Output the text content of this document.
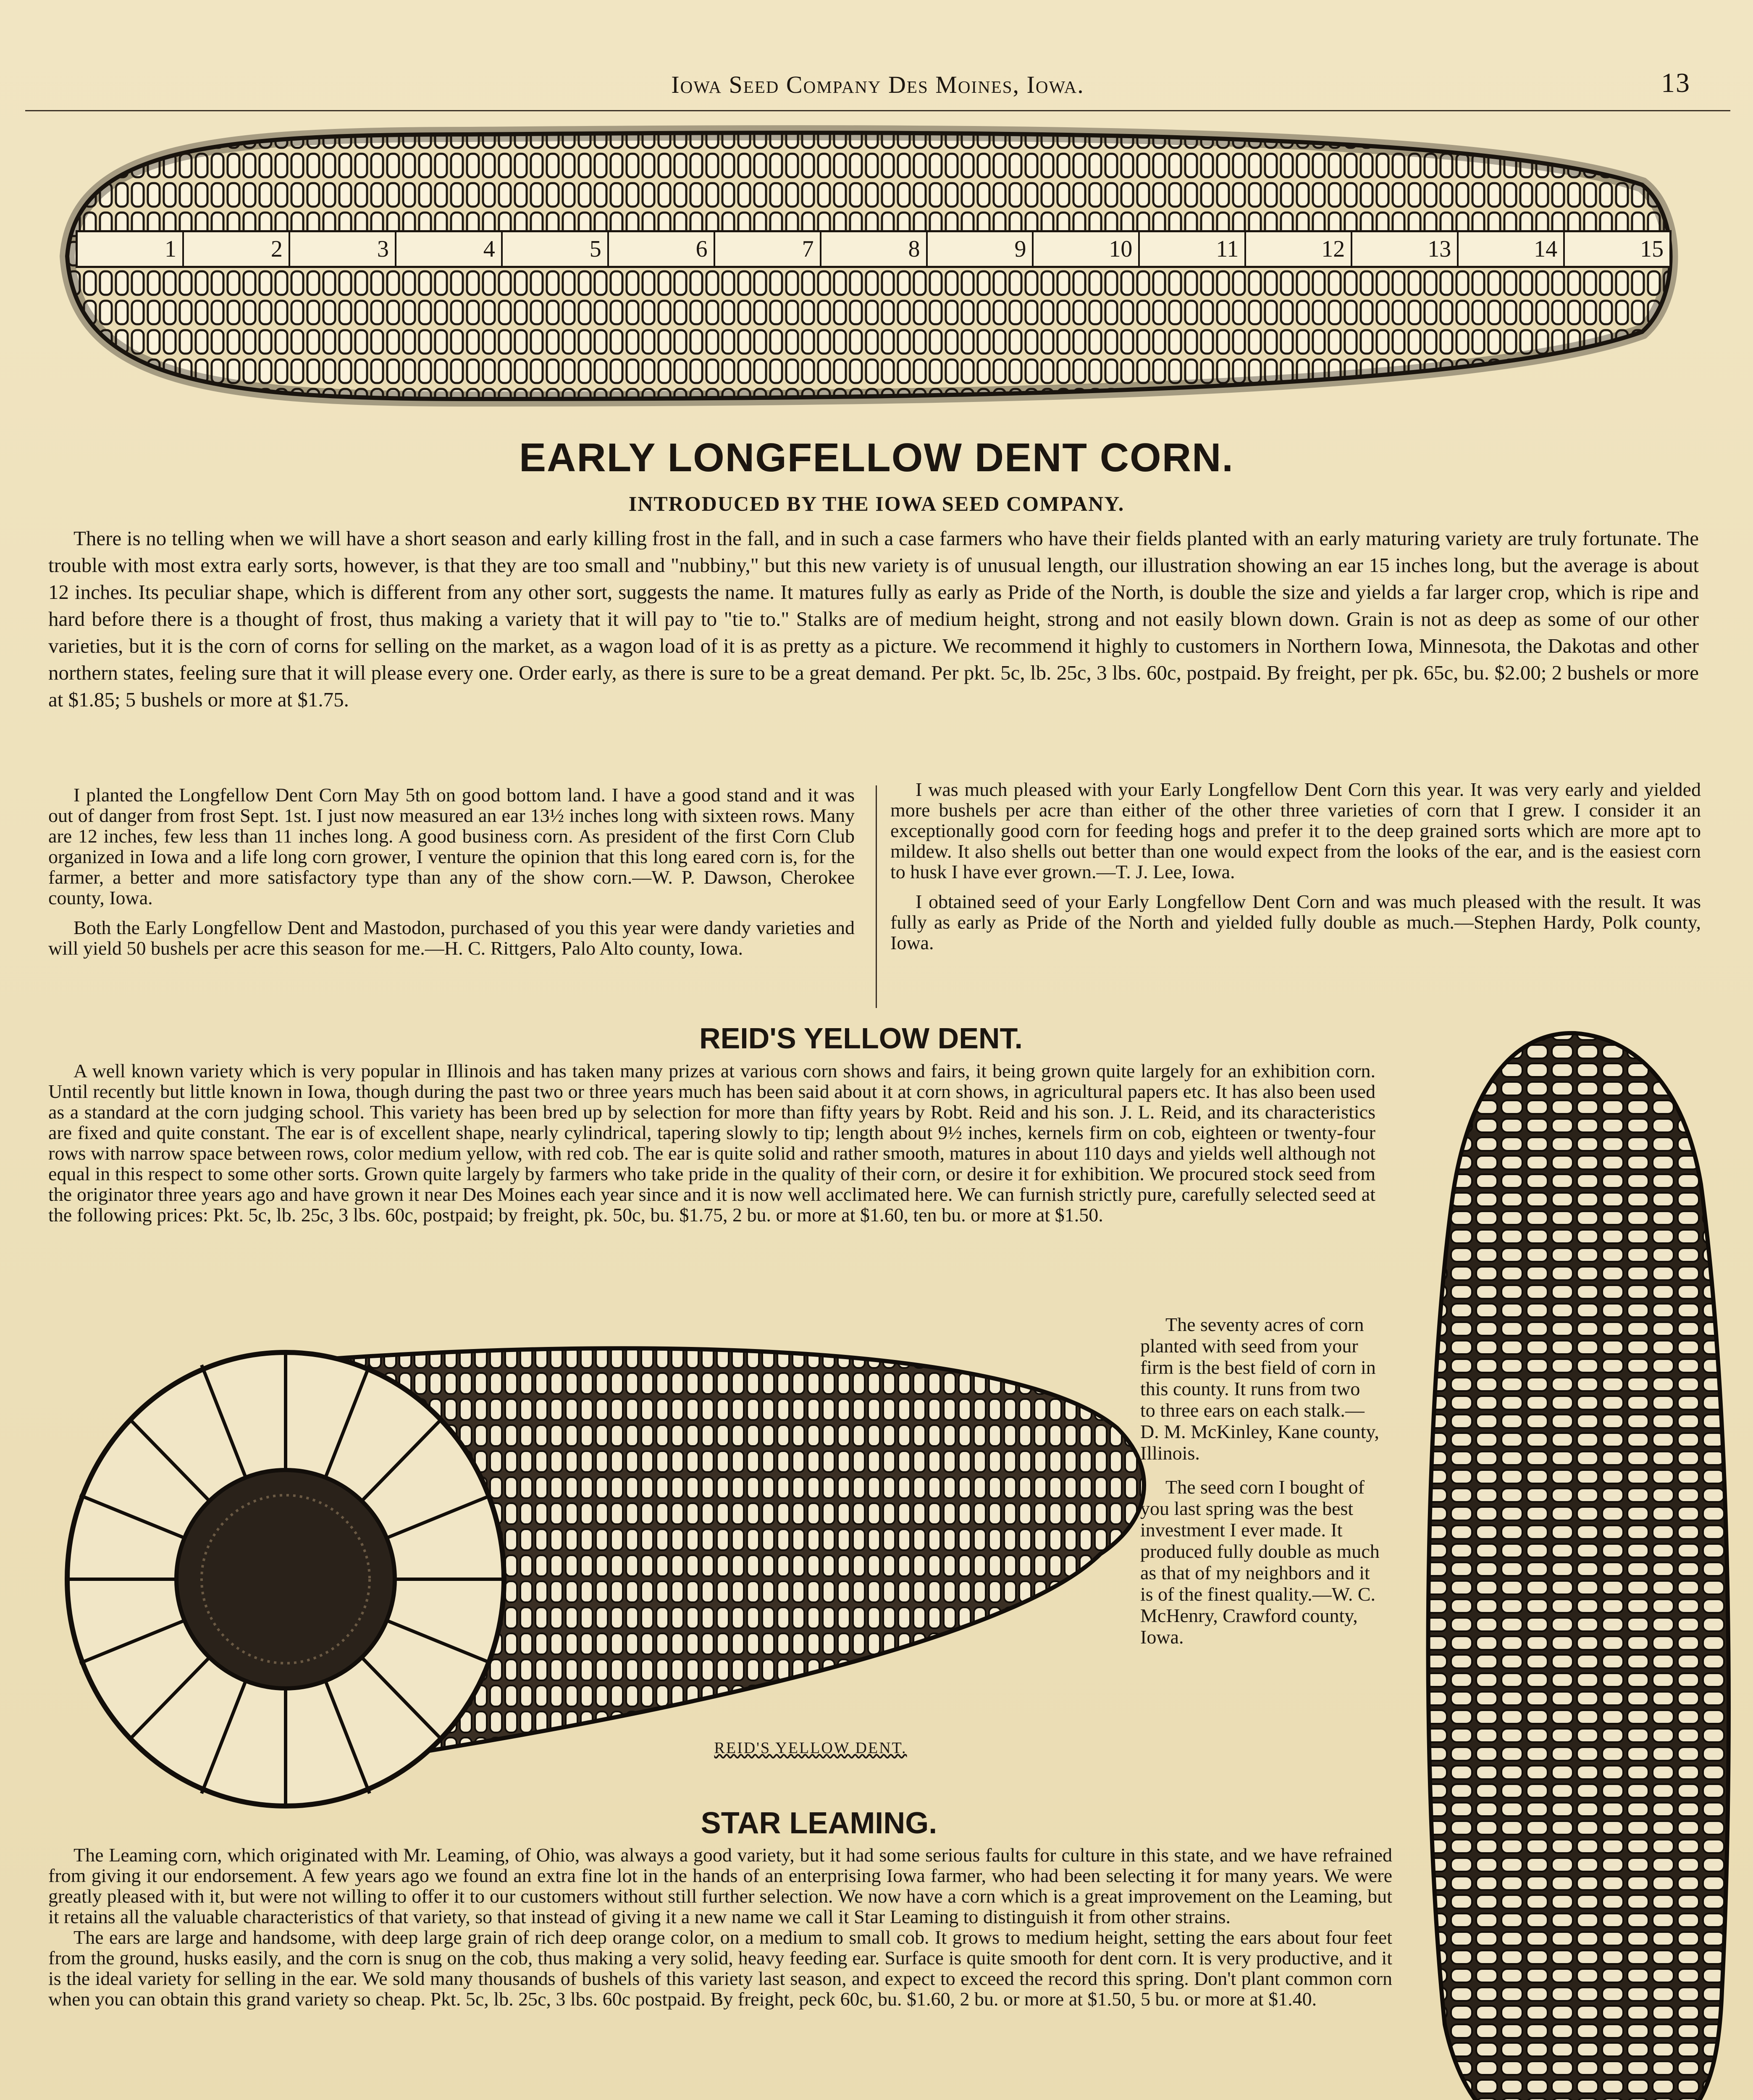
Iowa Seed Company Des Moines, Iowa.	13
1	2	3	4	5	6	7	8	9	10	11	12	13	14	15
EARLY LONGFELLOW DENT CORN.
INTRODUCED BY THE IOWA SEED COMPANY.

There is no telling when we will have a short season and early killing frost in the fall, and in such a case farmers who have their fields planted with an early maturing variety are truly fortunate. The trouble with most extra early sorts, however, is that they are too small and "nubbiny," but this new variety is of unusual length, our illustration showing an ear 15 inches long, but the average is about 12 inches. Its peculiar shape, which is different from any other sort, suggests the name. It matures fully as early as Pride of the North, is double the size and yields a far larger crop, which is ripe and hard before there is a thought of frost, thus making a variety that it will pay to "tie to." Stalks are of medium height, strong and not easily blown down. Grain is not as deep as some of our other varieties, but it is the corn of corns for selling on the market, as a wagon load of it is as pretty as a picture. We recommend it highly to customers in Northern Iowa, Minnesota, the Dakotas and other northern states, feeling sure that it will please every one. Order early, as there is sure to be a great demand. Per pkt. 5c, lb. 25c, 3 lbs. 60c, postpaid. By freight, per pk. 65c, bu. $2.00; 2 bushels or more at $1.85; 5 bushels or more at $1.75.

I planted the Longfellow Dent Corn May 5th on good bottom land. I have a good stand and it was out of danger from frost Sept. 1st. I just now measured an ear 13½ inches long with sixteen rows. Many are 12 inches, few less than 11 inches long. A good business corn. As president of the first Corn Club organized in Iowa and a life long corn grower, I venture the opinion that this long eared corn is, for the farmer, a better and more satisfactory type than any of the show corn.—W. P. Dawson, Cherokee county, Iowa.

Both the Early Longfellow Dent and Mastodon, purchased of you this year were dandy varieties and will yield 50 bushels per acre this season for me.—H. C. Rittgers, Palo Alto county, Iowa.

I was much pleased with your Early Longfellow Dent Corn this year. It was very early and yielded more bushels per acre than either of the other three varieties of corn that I grew. I consider it an exceptionally good corn for feeding hogs and prefer it to the deep grained sorts which are more apt to mildew. It also shells out better than one would expect from the looks of the ear, and is the easiest corn to husk I have ever grown.—T. J. Lee, Iowa.

I obtained seed of your Early Longfellow Dent Corn and was much pleased with the result. It was fully as early as Pride of the North and yielded fully double as much.—Stephen Hardy, Polk county, Iowa.

REID'S YELLOW DENT.

A well known variety which is very popular in Illinois and has taken many prizes at various corn shows and fairs, it being grown quite largely for an exhibition corn. Until recently but little known in Iowa, though during the past two or three years much has been said about it at corn shows, in agricultural papers etc. It has also been used as a standard at the corn judging school. This variety has been bred up by selection for more than fifty years by Robt. Reid and his son. J. L. Reid, and its characteristics are fixed and quite constant. The ear is of excellent shape, nearly cylindrical, tapering slowly to tip; length about 9½ inches, kernels firm on cob, eighteen or twenty-four rows with narrow space between rows, color medium yellow, with red cob. The ear is quite solid and rather smooth, matures in about 110 days and yields well although not equal in this respect to some other sorts. Grown quite largely by farmers who take pride in the quality of their corn, or desire it for exhibition. We procured stock seed from the originator three years ago and have grown it near Des Moines each year since and it is now well acclimated here. We can furnish strictly pure, carefully selected seed at the following prices: Pkt. 5c, lb. 25c, 3 lbs. 60c, postpaid; by freight, pk. 50c, bu. $1.75, 2 bu. or more at $1.60, ten bu. or more at $1.50.

REID'S YELLOW DENT.

The seventy acres of corn planted with seed from your firm is the best field of corn in this county. It runs from two to three ears on each stalk.—D. M. McKinley, Kane county, Illinois.

The seed corn I bought of you last spring was the best investment I ever made. It produced fully double as much as that of my neighbors and it is of the finest quality.—W. C. McHenry, Crawford county, Iowa.

STAR LEAMING.

The Leaming corn, which originated with Mr. Leaming, of Ohio, was always a good variety, but it had some serious faults for culture in this state, and we have refrained from giving it our endorsement. A few years ago we found an extra fine lot in the hands of an enterprising Iowa farmer, who had been selecting it for many years. We were greatly pleased with it, but were not willing to offer it to our customers without still further selection. We now have a corn which is a great improvement on the Leaming, but it retains all the valuable characteristics of that variety, so that instead of giving it a new name we call it Star Leaming to distinguish it from other strains.

The ears are large and handsome, with deep large grain of rich deep orange color, on a medium to small cob. It grows to medium height, setting the ears about four feet from the ground, husks easily, and the corn is snug on the cob, thus making a very solid, heavy feeding ear. Surface is quite smooth for dent corn. It is very productive, and it is the ideal variety for selling in the ear. We sold many thousands of bushels of this variety last season, and expect to exceed the record this spring. Don't plant common corn when you can obtain this grand variety so cheap. Pkt. 5c, lb. 25c, 3 lbs. 60c postpaid. By freight, peck 60c, bu. $1.60, 2 bu. or more at $1.50, 5 bu. or more at $1.40.
